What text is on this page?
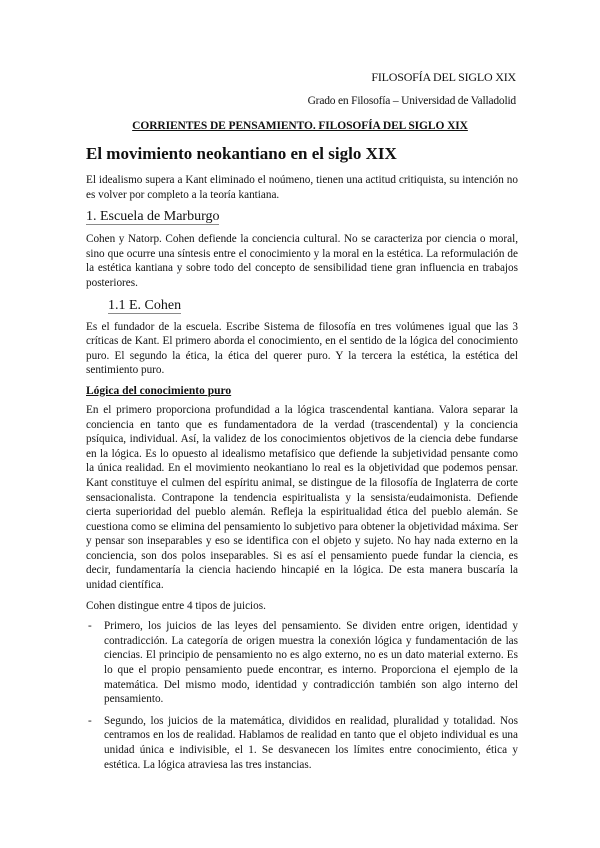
FILOSOFÍA DEL SIGLO XIX
Grado en Filosofía – Universidad de Valladolid
CORRIENTES DE PENSAMIENTO. FILOSOFÍA DEL SIGLO XIX
El movimiento neokantiano en el siglo XIX

El idealismo supera a Kant eliminado el noúmeno, tienen una actitud critiquista, su intención no es volver por completo a la teoría kantiana.

1. Escuela de Marburgo

Cohen y Natorp. Cohen defiende la conciencia cultural. No se caracteriza por ciencia o moral, sino que ocurre una síntesis entre el conocimiento y la moral en la estética. La reformulación de la estética kantiana y sobre todo del concepto de sensibilidad tiene gran influencia en trabajos posteriores.

1.1 E. Cohen

Es el fundador de la escuela. Escribe Sistema de filosofía en tres volúmenes igual que las 3 críticas de Kant. El primero aborda el conocimiento, en el sentido de la lógica del conocimiento puro. El segundo la ética, la ética del querer puro. Y la tercera la estética, la estética del sentimiento puro.

Lógica del conocimiento puro

En el primero proporciona profundidad a la lógica trascendental kantiana. Valora separar la conciencia en tanto que es fundamentadora de la verdad (trascendental) y la conciencia psíquica, individual. Así, la validez de los conocimientos objetivos de la ciencia debe fundarse en la lógica. Es lo opuesto al idealismo metafísico que defiende la subjetividad pensante como la única realidad. En el movimiento neokantiano lo real es la objetividad que podemos pensar. Kant constituye el culmen del espíritu animal, se distingue de la filosofía de Inglaterra de corte sensacionalista. Contrapone la tendencia espiritualista y la sensista/eudaimonista. Defiende cierta superioridad del pueblo alemán. Refleja la espiritualidad ética del pueblo alemán. Se cuestiona como se elimina del pensamiento lo subjetivo para obtener la objetividad máxima. Ser y pensar son inseparables y eso se identifica con el objeto y sujeto. No hay nada externo en la conciencia, son dos polos inseparables. Si es así el pensamiento puede fundar la ciencia, es decir, fundamentaría la ciencia haciendo hincapié en la lógica. De esta manera buscaría la unidad científica.

Cohen distingue entre 4 tipos de juicios.

- Primero, los juicios de las leyes del pensamiento. Se dividen entre origen, identidad y contradicción. La categoría de origen muestra la conexión lógica y fundamentación de las ciencias. El principio de pensamiento no es algo externo, no es un dato material externo. Es lo que el propio pensamiento puede encontrar, es interno. Proporciona el ejemplo de la matemática. Del mismo modo, identidad y contradicción también son algo interno del pensamiento.
- Segundo, los juicios de la matemática, divididos en realidad, pluralidad y totalidad. Nos centramos en los de realidad. Hablamos de realidad en tanto que el objeto individual es una unidad única e indivisible, el 1. Se desvanecen los límites entre conocimiento, ética y estética. La lógica atraviesa las tres instancias.
